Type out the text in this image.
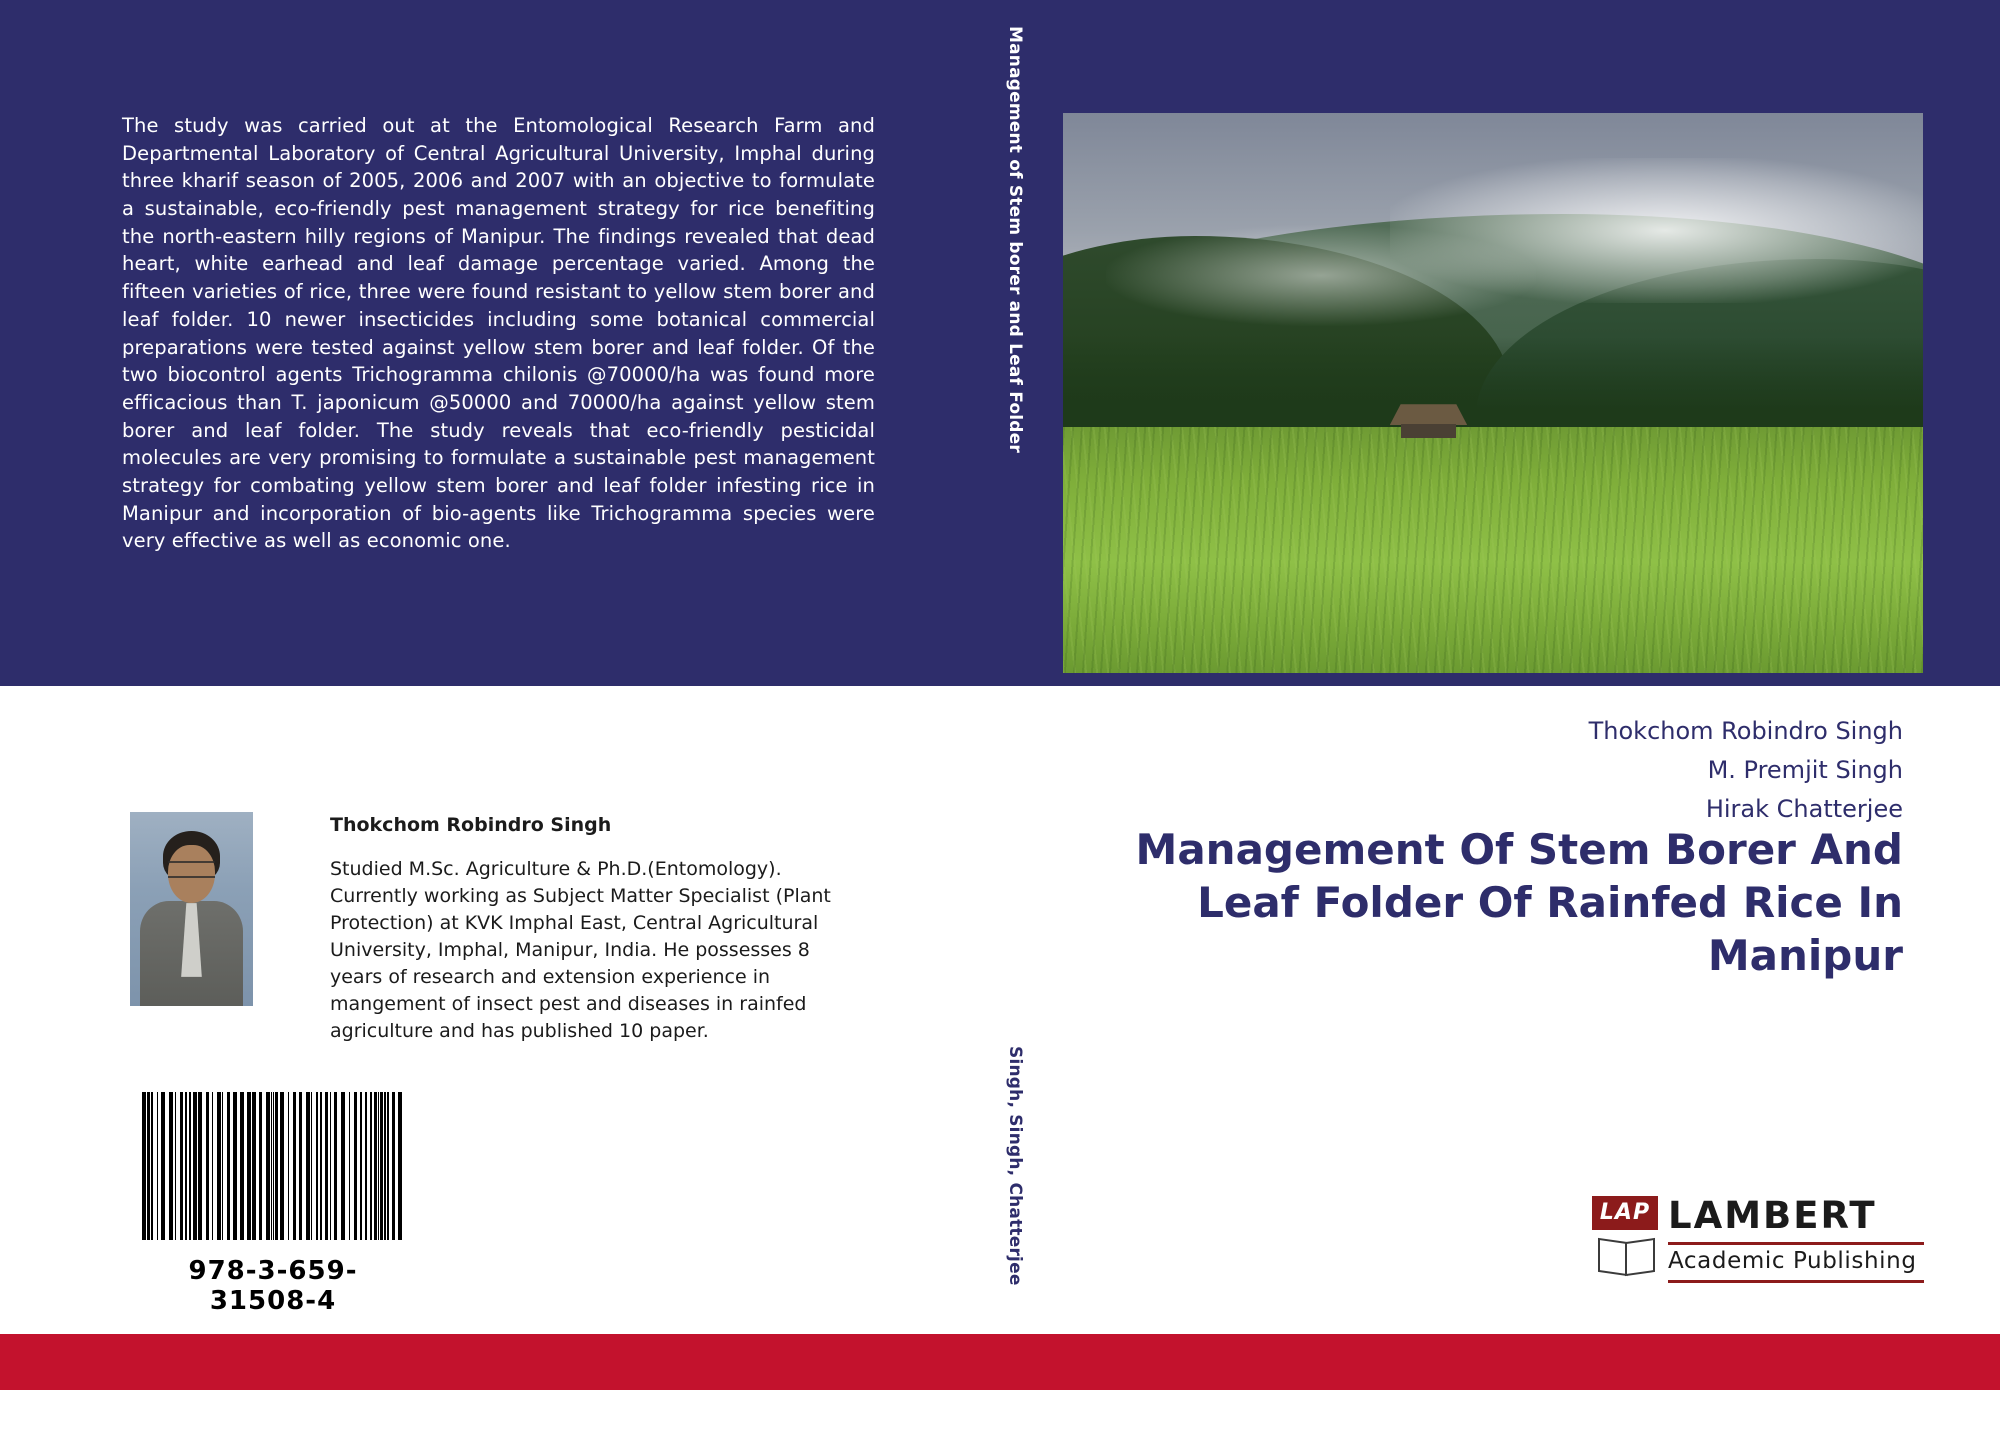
The study was carried out at the Entomological Research Farm and Departmental Laboratory of Central Agricultural University, Imphal during three kharif season of 2005, 2006 and 2007 with an objective to formulate a sustainable, eco-friendly pest management strategy for rice benefiting the north-eastern hilly regions of Manipur. The findings revealed that dead heart, white earhead and leaf damage percentage varied. Among the fifteen varieties of rice, three were found resistant to yellow stem borer and leaf folder. 10 newer insecticides including some botanical commercial preparations were tested against yellow stem borer and leaf folder. Of the two biocontrol agents Trichogramma chilonis @70000/ha was found more efficacious than T. japonicum @50000 and 70000/ha against yellow stem borer and leaf folder. The study reveals that eco-friendly pesticidal molecules are very promising to formulate a sustainable pest management strategy for combating yellow stem borer and leaf folder infesting rice in Manipur and incorporation of bio-agents like Trichogramma species were very effective as well as economic one.
Management of Stem borer and Leaf Folder
Singh, Singh, Chatterjee
Thokchom Robindro Singh
M. Premjit Singh
Hirak Chatterjee
Management Of Stem Borer And Leaf Folder Of Rainfed Rice In Manipur
Thokchom Robindro Singh
Studied M.Sc. Agriculture & Ph.D.(Entomology). Currently working as Subject Matter Specialist (Plant Protection) at KVK Imphal East, Central Agricultural University, Imphal, Manipur, India. He possesses 8 years of research and extension experience in mangement of insect pest and diseases in rainfed agriculture and has published 10 paper.
978-3-659-31508-4
LAP LAMBERT
Academic Publishing
